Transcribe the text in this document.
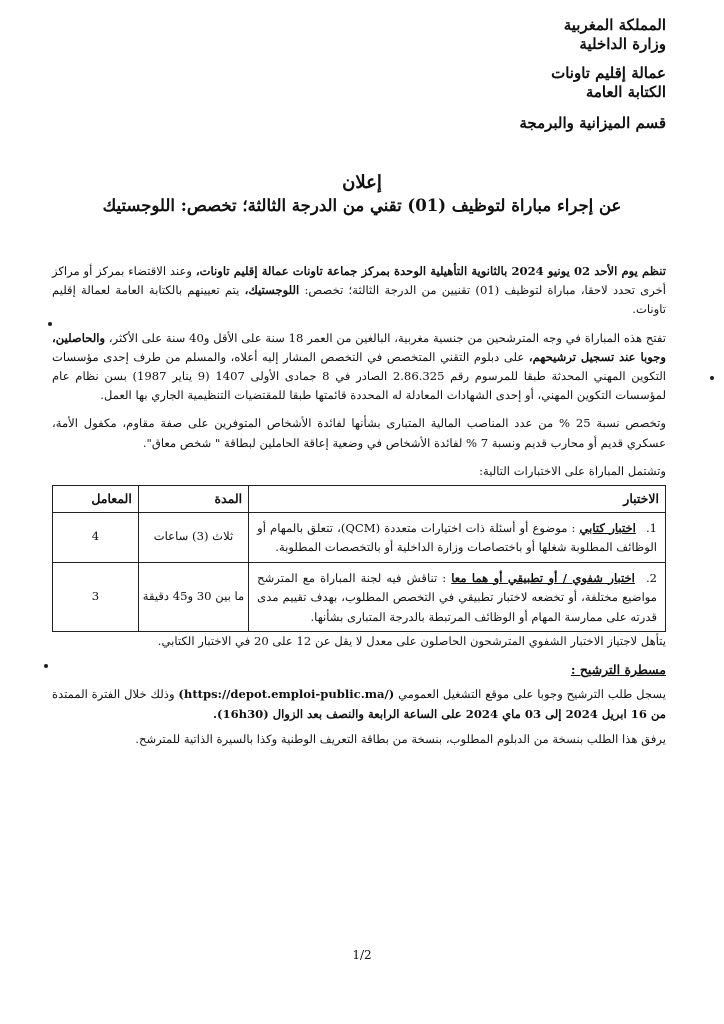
المملكة المغربية
وزارة الداخلية
عمالة إقليم تاونات
الكتابة العامة
قسم الميزانية والبرمجة
إعلان
عن إجراء مباراة لتوظيف (01) تقني من الدرجة الثالثة؛ تخصص: اللوجستيك

تنظم يوم الأحد 02 يونيو 2024 بالثانوية التأهيلية الوحدة بمركز جماعة تاونات عمالة إقليم تاونات، وعند الاقتضاء بمركز أو مراكز أخرى تحدد لاحقا، مباراة لتوظيف (01) تقنيين من الدرجة الثالثة؛ تخصص: اللوجستيك، يتم تعيينهم بالكتابة العامة لعمالة إقليم تاونات.

تفتح هذه المباراة في وجه المترشحين من جنسية مغربية، البالغين من العمر 18 سنة على الأقل و40 سنة على الأكثر، والحاصلين، وجوبا عند تسجيل ترشيحهم، على دبلوم التقني المتخصص في التخصص المشار إليه أعلاه، والمسلم من طرف إحدى مؤسسات التكوين المهني المحدثة طبقا للمرسوم رقم 2.86.325 الصادر في 8 جمادى الأولى 1407 (9 يناير 1987) بسن نظام عام لمؤسسات التكوين المهني، أو إحدى الشهادات المعادلة له المحددة قائمتها طبقا للمقتضيات التنظيمية الجاري بها العمل.

وتخصص نسبة 25 % من عدد المناصب المالية المتبارى بشأنها لفائدة الأشخاص المتوفرين على صفة مقاوم، مكفول الأمة، عسكري قديم أو محارب قديم ونسبة 7 % لفائدة الأشخاص في وضعية إعاقة الحاملين لبطاقة " شخص معاق".

وتشتمل المباراة على الاختبارات التالية:

الاختبار	المدة	المعامل
1. اختبار كتابي : موضوع أو أسئلة ذات اختيارات متعددة (QCM)، تتعلق بالمهام أو الوظائف المطلوبة شغلها أو باختصاصات وزارة الداخلية أو بالتخصصات المطلوبة.	ثلاث (3) ساعات	4
2. اختبار شفوي / أو تطبيقي أو هما معا : تناقش فيه لجنة المباراة مع المترشح مواضيع مختلفة، أو تخضعه لاختبار تطبيقي في التخصص المطلوب، بهدف تقييم مدى قدرته على ممارسة المهام أو الوظائف المرتبطة بالدرجة المتبارى بشأنها.	ما بين 30 و45 دقيقة	3

يتأهل لاجتياز الاختبار الشفوي المترشحون الحاصلون على معدل لا يقل عن 12 على 20 في الاختبار الكتابي.

مسطرة الترشيح :

يسجل طلب الترشيح وجوبا على موقع التشغيل العمومي (https://depot.emploi-public.ma/) وذلك خلال الفترة الممتدة من 16 ابريل 2024 إلى 03 ماي 2024 على الساعة الرابعة والنصف بعد الزوال (16h30).

يرفق هذا الطلب بنسخة من الدبلوم المطلوب، بنسخة من بطاقة التعريف الوطنية وكذا بالسيرة الذاتية للمترشح.

1/2
